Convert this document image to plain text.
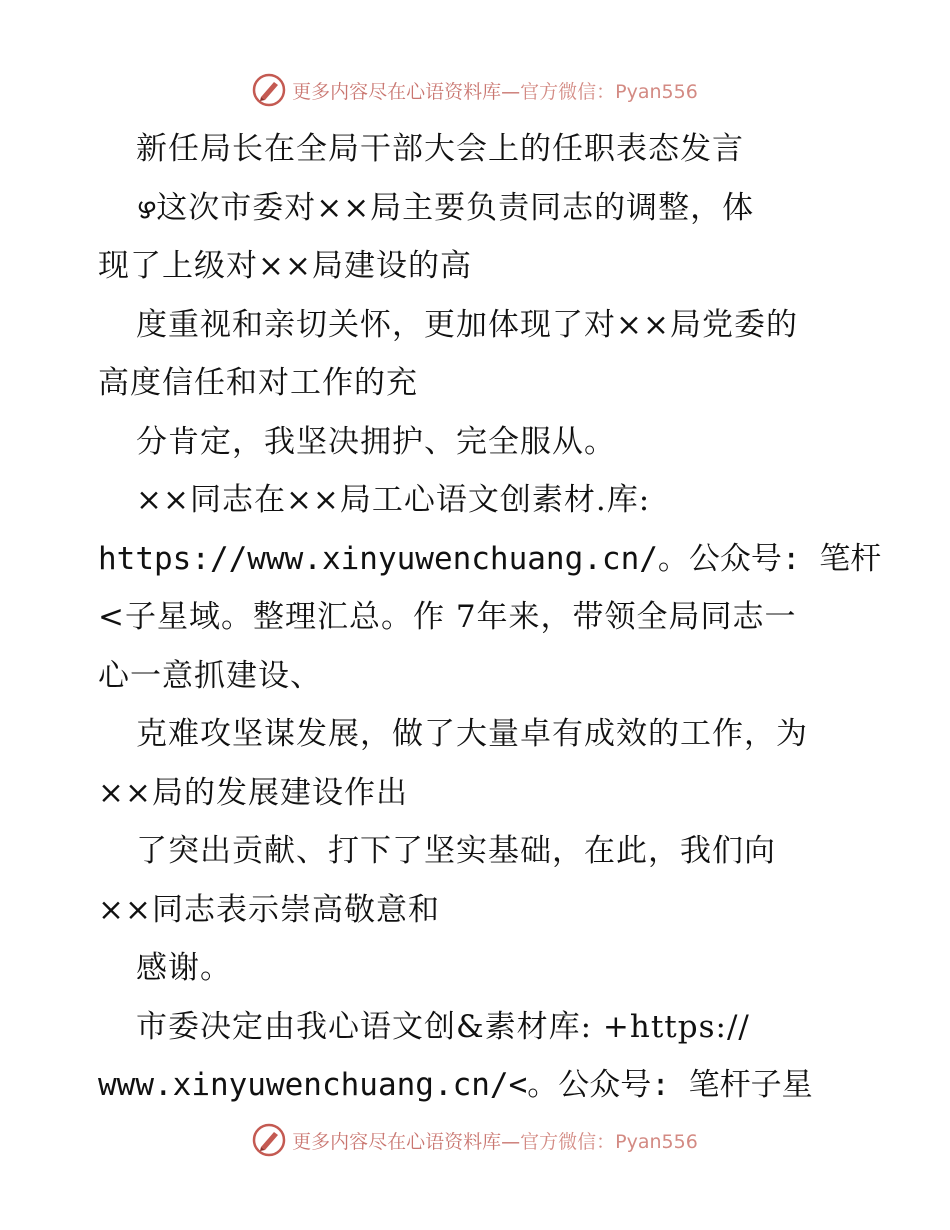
更多内容尽在心语资料库— 官方微信：Pyan556
新任局长在全局干部大会上的任职表态发言
ഴ这次市委对××局主要负责同志的调整，体
现了上级对××局建设的高
度重视和亲切关怀，更加体现了对××局党委的
高度信任和对工作的充
分肯定，我坚决拥护、完全服从。
××同志在××局工心语文创素材.库:
https://www.xinyuwenchuang.cn/。公众号: 笔杆
<子星域。整理汇总。作 7年来，带领全局同志一
心一意抓建设、
克难攻坚谋发展，做了大量卓有成效的工作，为
××局的发展建设作出
了突出贡献、打下了坚实基础，在此，我们向
××同志表示崇高敬意和
感谢。
市委决定由我心语文创&素材库: +https://
www.xinyuwenchuang.cn/<。公众号: 笔杆子星
更多内容尽在心语资料库— 官方微信：Pyan556
